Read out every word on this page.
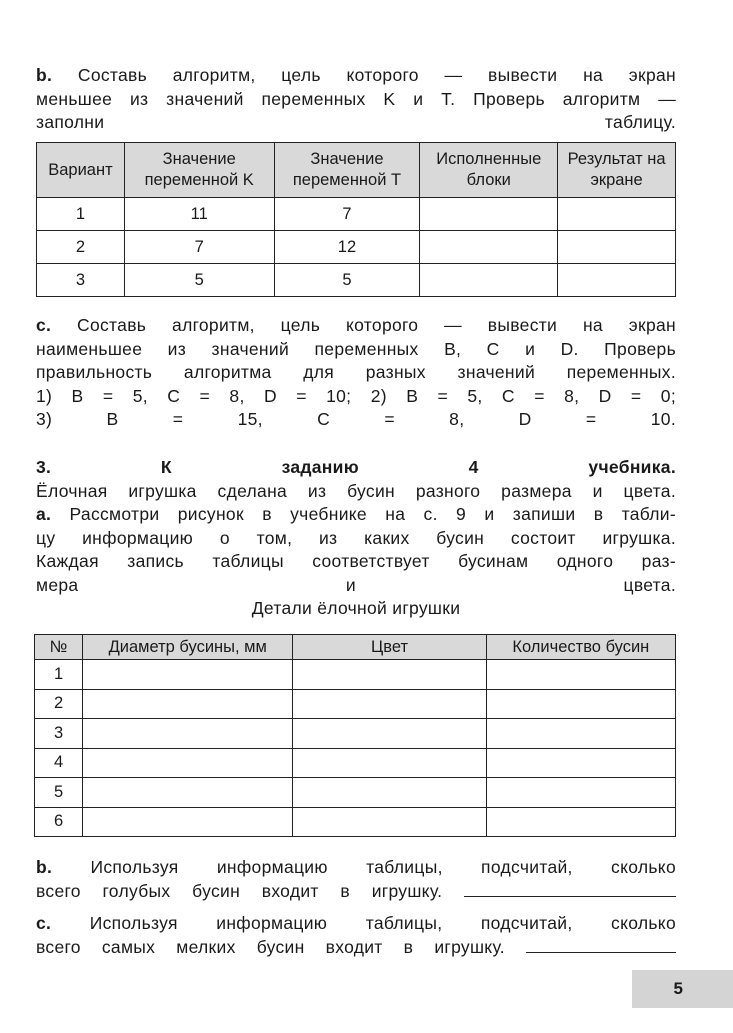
b. Составь алгоритм, цель которого — вывести на экран
меньшее из значений переменных K и T. Проверь алгоритм —
заполни таблицу.
Вариант	Значение переменной K	Значение переменной T	Исполненные блоки	Результат на экране
1	11	7		
2	7	12		
3	5	5		
c. Составь алгоритм, цель которого — вывести на экран
наименьшее из значений переменных B, C и D. Проверь
правильность алгоритма для разных значений переменных.
1) B = 5, C = 8, D = 10; 2) B = 5, C = 8, D = 0;
3) B = 15, C = 8, D = 10.
3. К заданию 4 учебника.
Ёлочная игрушка сделана из бусин разного размера и цвета.
a. Рассмотри рисунок в учебнике на с. 9 и запиши в табли-
цу информацию о том, из каких бусин состоит игрушка.
Каждая запись таблицы соответствует бусинам одного раз-
мера и цвета.
Детали ёлочной игрушки
№	Диаметр бусины, мм	Цвет	Количество бусин
1			
2			
3			
4			
5			
6			
b. Используя информацию таблицы, подсчитай, сколько
всего голубых бусин входит в игрушку.
c. Используя информацию таблицы, подсчитай, сколько
всего самых мелких бусин входит в игрушку.
5
